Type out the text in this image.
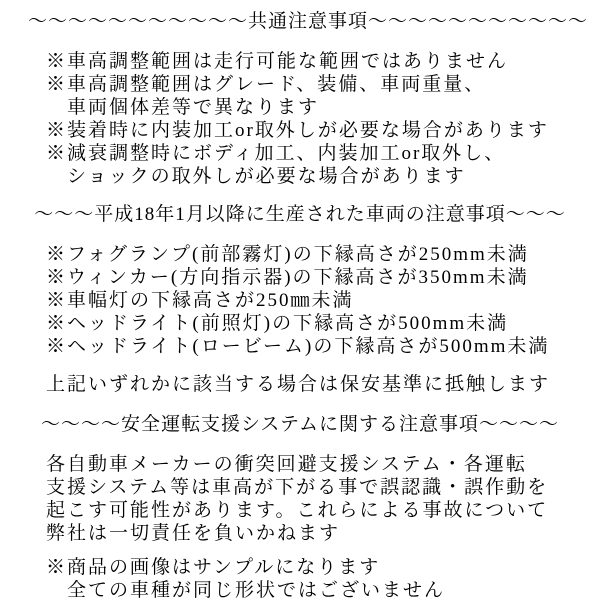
～～～～～～～～～～～共通注意事項～～～～～～～～～～～
※車高調整範囲は走行可能な範囲ではありません
※車高調整範囲はグレード、装備、車両重量、
車両個体差等で異なります
※装着時に内装加工or取外しが必要な場合があります
※減衰調整時にボディ加工、内装加工or取外し、
ショックの取外しが必要な場合があります
～～～平成18年1月以降に生産された車両の注意事項～～～
※フォグランプ(前部霧灯)の下縁高さが250mm未満
※ウィンカー(方向指示器)の下縁高さが350mm未満
※車幅灯の下縁高さが250㎜未満
※ヘッドライト(前照灯)の下縁高さが500mm未満
※ヘッドライト(ロービーム)の下縁高さが500mm未満
上記いずれかに該当する場合は保安基準に抵触します
～～～～安全運転支援システムに関する注意事項～～～～
各自動車メーカーの衝突回避支援システム・各運転
支援システム等は車高が下がる事で誤認識・誤作動を
起こす可能性があります。これらによる事故について
弊社は一切責任を負いかねます
※商品の画像はサンプルになります
全ての車種が同じ形状ではございません
